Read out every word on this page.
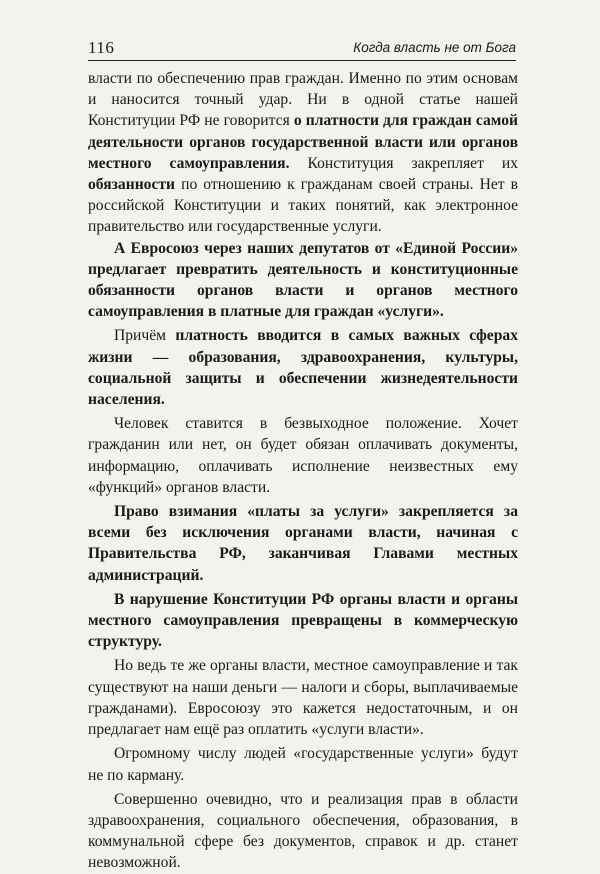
116	Когда власть не от Бога

власти по обеспечению прав граждан. Именно по этим основам и наносится точный удар. Ни в одной статье нашей Конституции РФ не говорится о платности для граждан самой деятельности органов государственной власти или органов местного самоуправления. Конституция закрепляет их обязанности по отношению к гражданам своей страны. Нет в российской Конституции и таких понятий, как электронное правительство или государственные услуги.

А Евросоюз через наших депутатов от «Единой России» предлагает превратить деятельность и конституционные обязанности органов власти и органов местного самоуправления в платные для граждан «услуги».

Причём платность вводится в самых важных сферах жизни — образования, здравоохранения, культуры, социальной защиты и обеспечении жизнедеятельности населения.

Человек ставится в безвыходное положение. Хочет гражданин или нет, он будет обязан оплачивать документы, информацию, оплачивать исполнение неизвестных ему «функций» органов власти.

Право взимания «платы за услуги» закрепляется за всеми без исключения органами власти, начиная с Правительства РФ, заканчивая Главами местных администраций.

В нарушение Конституции РФ органы власти и органы местного самоуправления превращены в коммерческую структуру.

Но ведь те же органы власти, местное самоуправление и так существуют на наши деньги — налоги и сборы, выплачиваемые гражданами). Евросоюзу это кажется недостаточным, и он предлагает нам ещё раз оплатить «услуги власти».

Огромному числу людей «государственные услуги» будут не по карману.

Совершенно очевидно, что и реализация прав в области здравоохранения, социального обеспечения, образования, в коммунальной сфере без документов, справок и др. станет невозможной.
